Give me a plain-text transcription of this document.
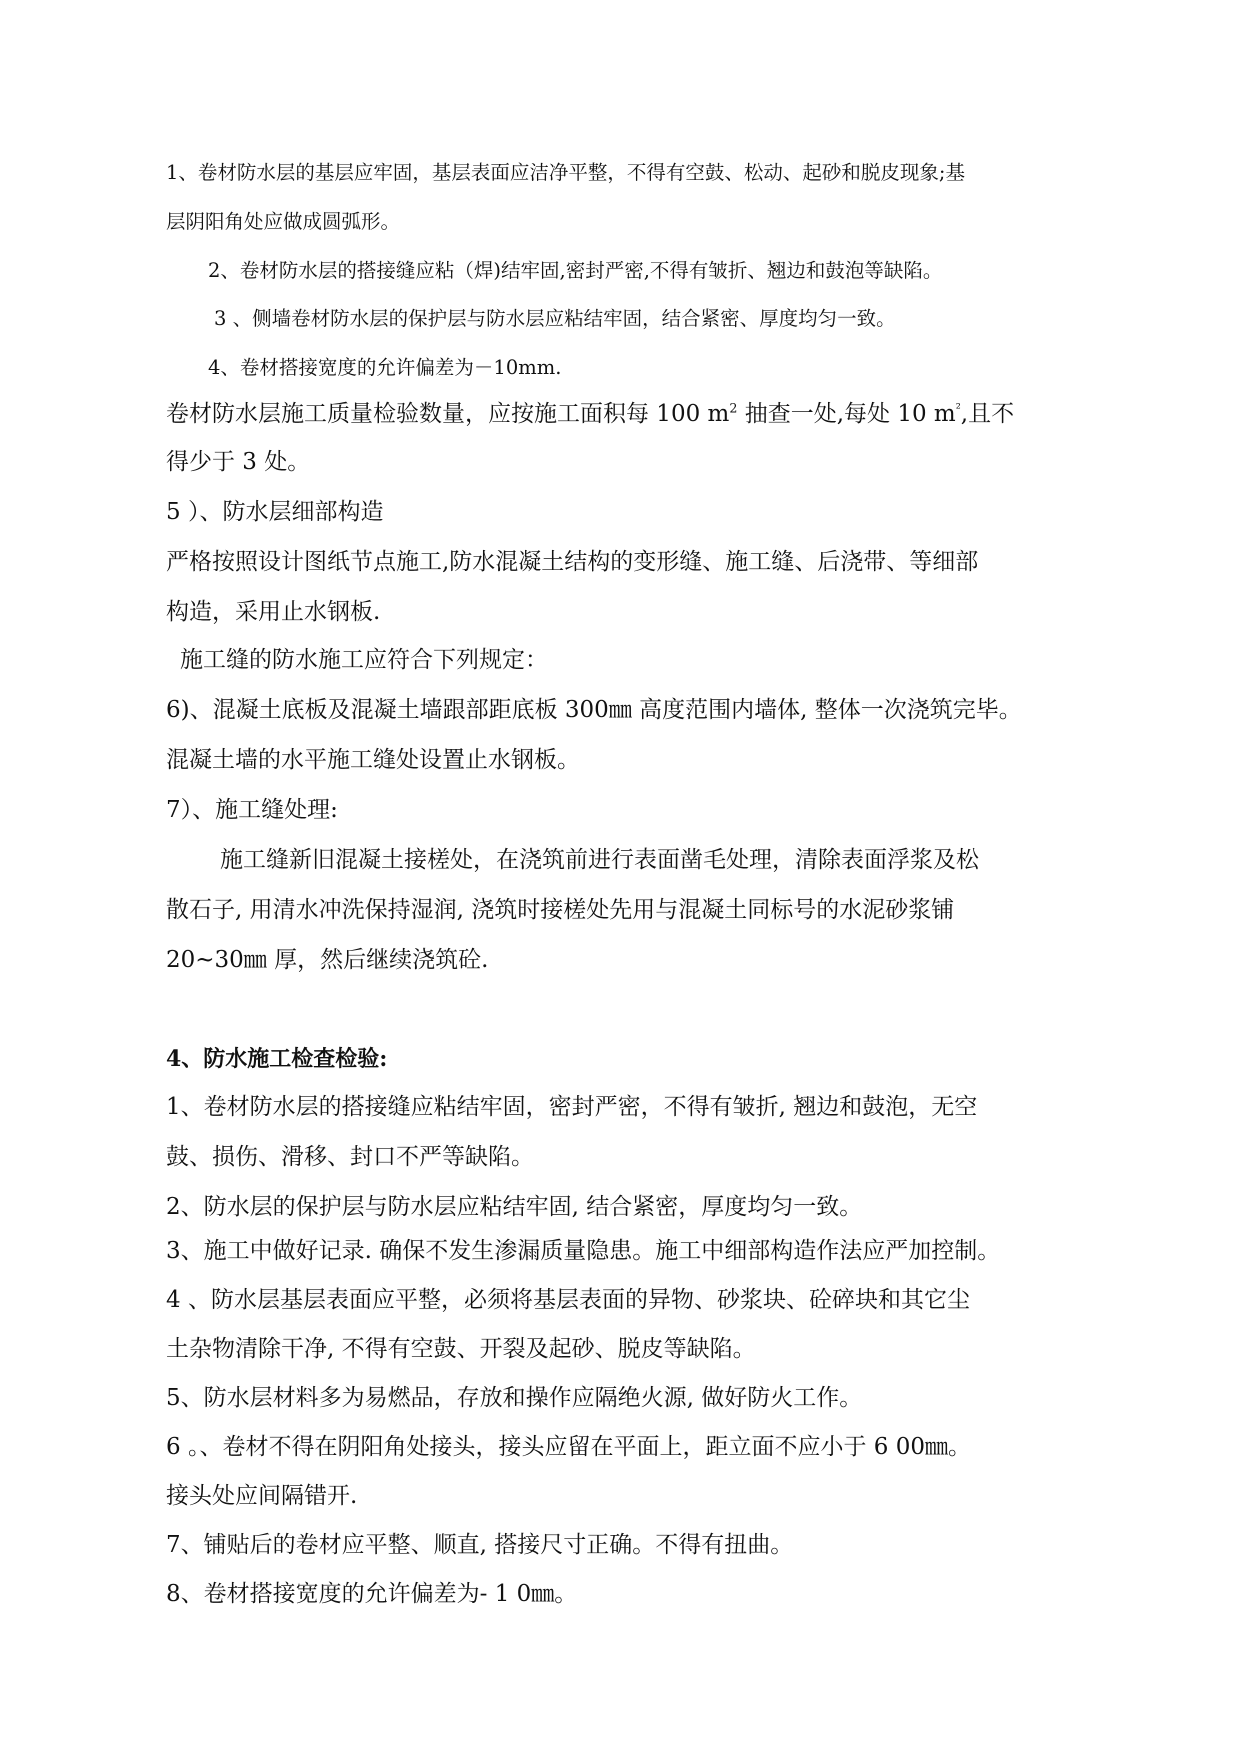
1、卷材防水层的基层应牢固，基层表面应洁净平整，不得有空鼓、松动、起砂和脱皮现象;基

层阴阳角处应做成圆弧形。

2、卷材防水层的搭接缝应粘（焊)结牢固,密封严密,不得有皱折、翘边和鼓泡等缺陷。

3 、侧墙卷材防水层的保护层与防水层应粘结牢固，结合紧密、厚度均匀一致。

4、卷材搭接宽度的允许偏差为－10mm.

卷材防水层施工质量检验数量，应按施工面积每 100 $m^2$ 抽查一处,每处 10 $m^{^2}$,且不

得少于 3 处。

5 ）、防水层细部构造

严格按照设计图纸节点施工,防水混凝土结构的变形缝、施工缝、后浇带、等细部

构造，采用止水钢板.

施工缝的防水施工应符合下列规定：

6)、混凝土底板及混凝土墙跟部距底板 300㎜ 高度范围内墙体, 整体一次浇筑完毕。

混凝土墙的水平施工缝处设置止水钢板。

7）、施工缝处理:

施工缝新旧混凝土接槎处，在浇筑前进行表面凿毛处理，清除表面浮浆及松

散石子, 用清水冲洗保持湿润, 浇筑时接槎处先用与混凝土同标号的水泥砂浆铺

20~30㎜ 厚，然后继续浇筑砼.

4、防水施工检查检验:

1、卷材防水层的搭接缝应粘结牢固，密封严密，不得有皱折, 翘边和鼓泡，无空

鼓、损伤、滑移、封口不严等缺陷。

2、防水层的保护层与防水层应粘结牢固, 结合紧密，厚度均匀一致。

3、施工中做好记录. 确保不发生渗漏质量隐患。施工中细部构造作法应严加控制。

4 、防水层基层表面应平整，必须将基层表面的异物、砂浆块、砼碎块和其它尘

土杂物清除干净, 不得有空鼓、开裂及起砂、脱皮等缺陷。

5、防水层材料多为易燃品，存放和操作应隔绝火源, 做好防火工作。

6 。、卷材不得在阴阳角处接头，接头应留在平面上，距立面不应小于 6 00㎜。

接头处应间隔错开.

7、铺贴后的卷材应平整、顺直, 搭接尺寸正确。不得有扭曲。

8、卷材搭接宽度的允许偏差为- 1 0㎜。
